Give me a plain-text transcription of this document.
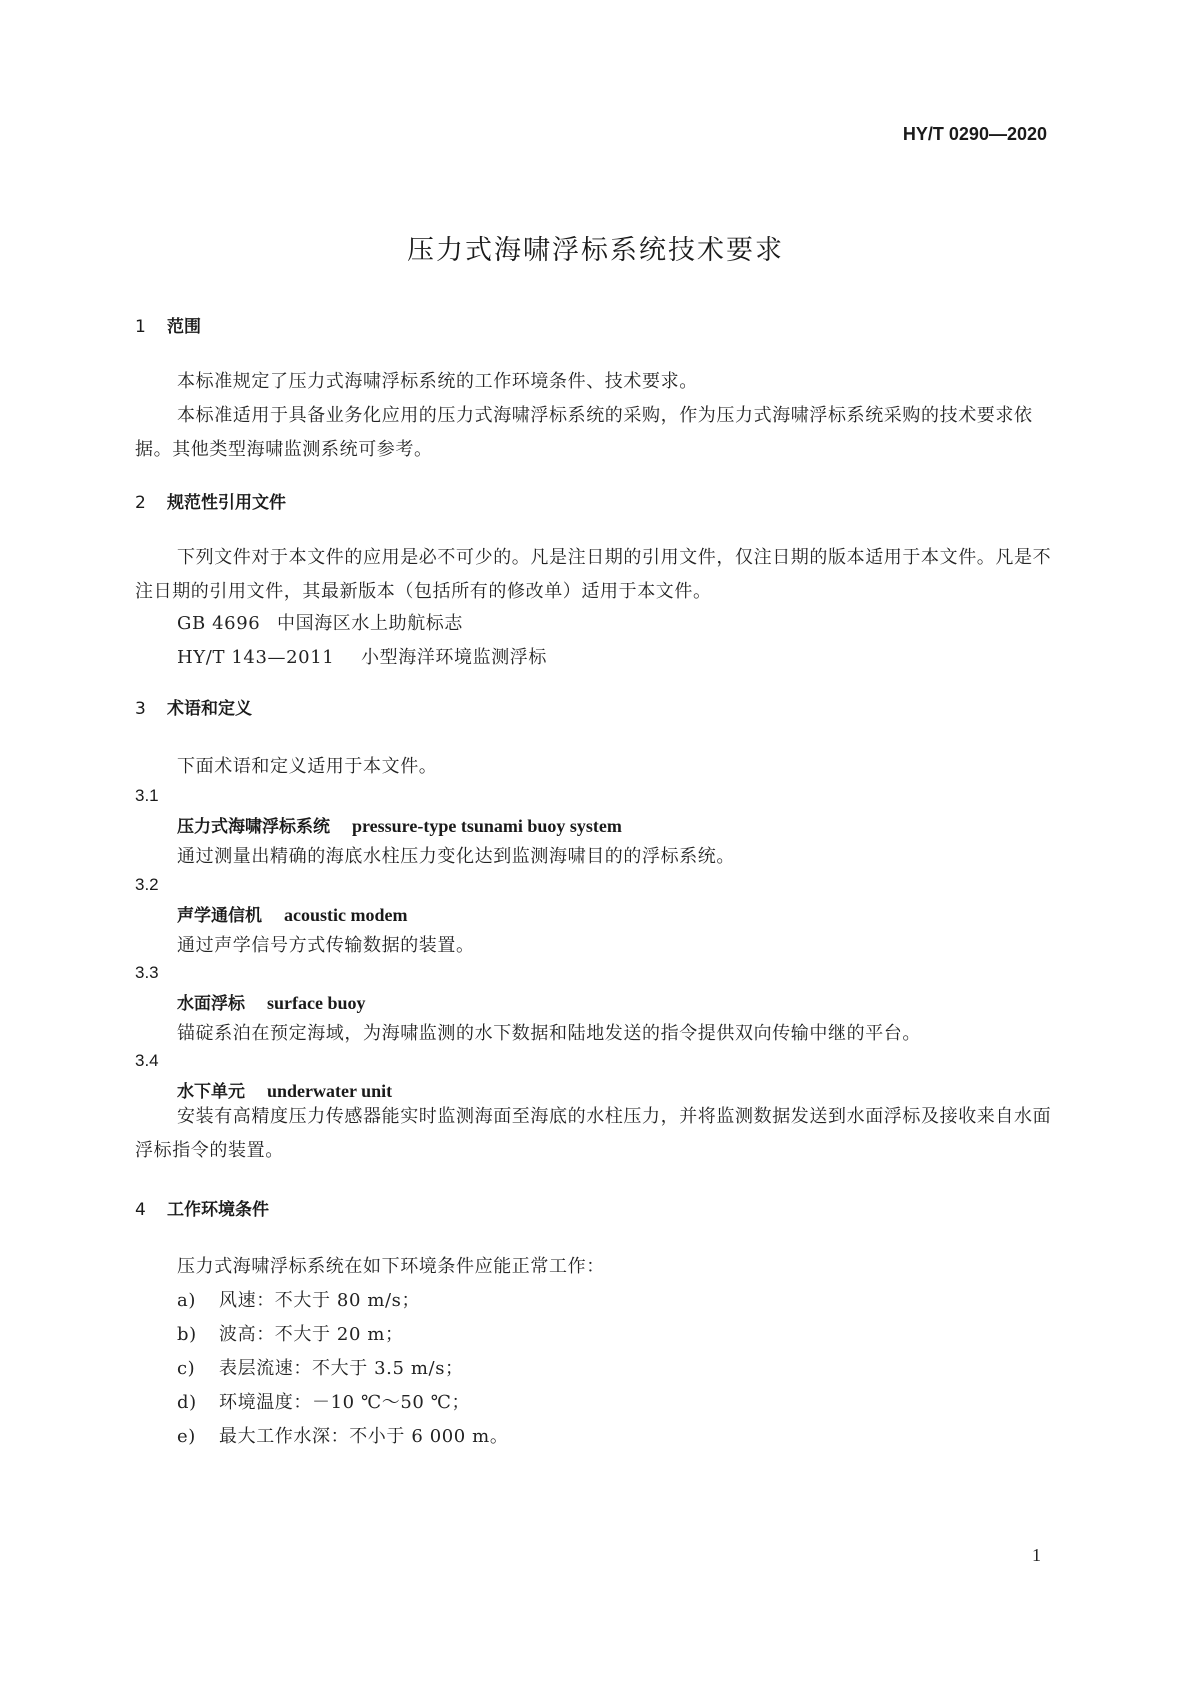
HY/T 0290—2020
压力式海啸浮标系统技术要求
1 范围
本标准规定了压力式海啸浮标系统的工作环境条件、技术要求。
本标准适用于具备业务化应用的压力式海啸浮标系统的采购，作为压力式海啸浮标系统采购的技术要求依据。其他类型海啸监测系统可参考。
2 规范性引用文件
下列文件对于本文件的应用是必不可少的。凡是注日期的引用文件，仅注日期的版本适用于本文件。凡是不注日期的引用文件，其最新版本（包括所有的修改单）适用于本文件。
GB 4696 中国海区水上助航标志
HY/T 143—2011 小型海洋环境监测浮标
3 术语和定义
下面术语和定义适用于本文件。
3.1
压力式海啸浮标系统 pressure-type tsunami buoy system
通过测量出精确的海底水柱压力变化达到监测海啸目的的浮标系统。
3.2
声学通信机 acoustic modem
通过声学信号方式传输数据的装置。
3.3
水面浮标 surface buoy
锚碇系泊在预定海域，为海啸监测的水下数据和陆地发送的指令提供双向传输中继的平台。
3.4
水下单元 underwater unit
安装有高精度压力传感器能实时监测海面至海底的水柱压力，并将监测数据发送到水面浮标及接收来自水面浮标指令的装置。
4 工作环境条件
压力式海啸浮标系统在如下环境条件应能正常工作：
a) 风速：不大于 80 m/s；
b) 波高：不大于 20 m；
c) 表层流速：不大于 3.5 m/s；
d) 环境温度：－10 ℃～50 ℃；
e) 最大工作水深：不小于 6 000 m。
1
